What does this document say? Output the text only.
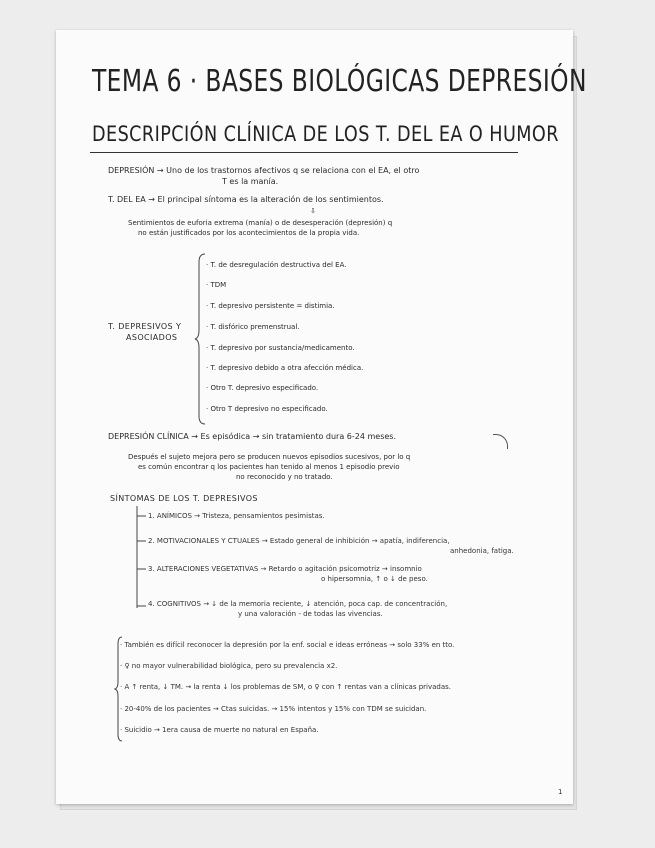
TEMA 6 · BASES BIOLÓGICAS DEPRESIÓN
DESCRIPCIÓN CLÍNICA DE LOS T. DEL EA O HUMOR
DEPRESIÓN → Uno de los trastornos afectivos q se relaciona con el EA, el otro
T es la manía.
T. DEL EA → El principal síntoma es la alteración de los sentimientos.
⇩
Sentimientos de euforia extrema (manía) o de desesperación (depresión) q
no están justificados por los acontecimientos de la propia vida.
T. DEPRESIVOS Y
ASOCIADOS
· T. de desregulación destructiva del EA.
· TDM
· T. depresivo persistente = distimia.
· T. disfórico premenstrual.
· T. depresivo por sustancia/medicamento.
· T. depresivo debido a otra afección médica.
· Otro T. depresivo especificado.
· Otro T depresivo no especificado.
DEPRESIÓN CLÍNICA → Es episódica → sin tratamiento dura 6-24 meses.
Después el sujeto mejora pero se producen nuevos episodios sucesivos, por lo q
es común encontrar q los pacientes han tenido al menos 1 episodio previo
no reconocido y no tratado.
SÍNTOMAS DE LOS T. DEPRESIVOS
1. ANÍMICOS → Tristeza, pensamientos pesimistas.
2. MOTIVACIONALES Y CTUALES → Estado general de inhibición → apatía, indiferencia,
anhedonia, fatiga.
3. ALTERACIONES VEGETATIVAS → Retardo o agitación psicomotriz → insomnio
o hipersomnia, ↑ o ↓ de peso.
4. COGNITIVOS → ↓ de la memoria reciente, ↓ atención, poca cap. de concentración,
y una valoración - de todas las vivencias.
· También es difícil reconocer la depresión por la enf. social e ideas erróneas → solo 33% en tto.
· ♀ no mayor vulnerabilidad biológica, pero su prevalencia x2.
· A ↑ renta, ↓ TM. → la renta ↓ los problemas de SM, o ♀ con ↑ rentas van a clínicas privadas.
· 20-40% de los pacientes → Ctas suicidas. → 15% intentos y 15% con TDM se suicidan.
· Suicidio → 1era causa de muerte no natural en España.
1
